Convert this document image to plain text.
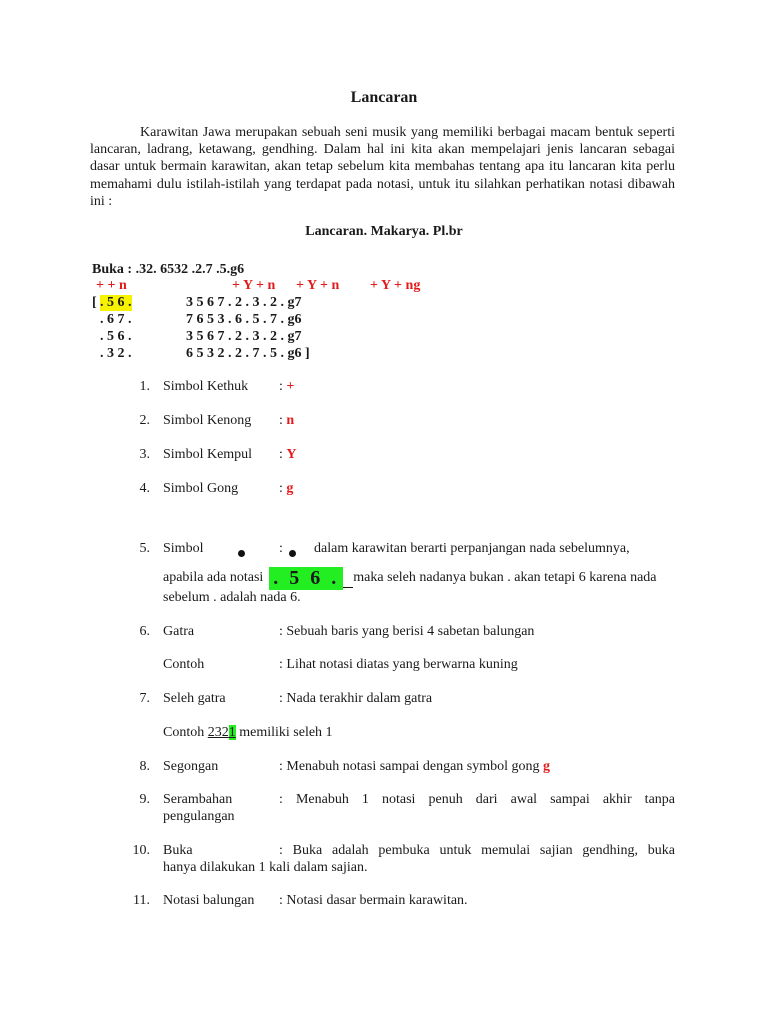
Lancaran

Karawitan Jawa merupakan sebuah seni musik yang memiliki berbagai macam bentuk seperti lancaran, ladrang, ketawang, gendhing. Dalam hal ini kita akan mempelajari jenis lancaran sebagai dasar untuk bermain karawitan, akan tetap sebelum kita membahas tentang apa itu lancaran kita perlu memahami dulu istilah-istilah yang terdapat pada notasi, untuk itu silahkan perhatikan notasi dibawah ini :

Lancaran. Makarya. Pl.br
Buka : .32. 6532 .2.7 .5.g6
+ + n	+ Y + n + Y + n + Y + ng
[ . 5 6 .	3 5 6 7 . 2 . 3 . 2 . g7
. 6 7 .	7 6 5 3 . 6 . 5 . 7 . g6
. 5 6 .	3 5 6 7 . 2 . 3 . 2 . g7
. 3 2 .	6 5 3 2 . 2 . 7 . 5 . g6 ]
1. Simbol Kethuk : +
2. Simbol Kenong : n
3. Simbol Kempul : Y
4. Simbol Gong	: g
5. Simbol	: dalam karawitan berarti perpanjangan nada sebelumnya,
apabila ada notasi . 5 6 . maka seleh nadanya bukan . akan tetapi 6 karena nada
sebelum . adalah nada 6.
6. Gatra	: Sebuah baris yang berisi 4 sabetan balungan
Contoh	: Lihat notasi diatas yang berwarna kuning
7. Seleh gatra	: Nada terakhir dalam gatra
Contoh 2321 memiliki seleh 1
8. Segongan	: Menabuh notasi sampai dengan symbol gong g
9. Serambahan	: Menabuh 1 notasi penuh dari awal sampai akhir tanpa
pengulangan
10. Buka	: Buka adalah pembuka untuk memulai sajian gendhing, buka
hanya dilakukan 1 kali dalam sajian.
11. Notasi balungan : Notasi dasar bermain karawitan.
